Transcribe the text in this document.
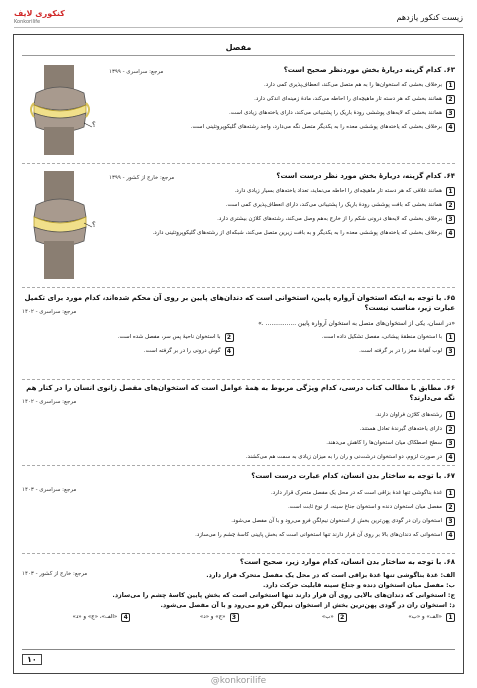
کنکوری لایف
Konkorilife	زیست کنکور یازدهم
مفصل
؟
مرجع: سراسری - ۱۳۹۹	۶۳. کدام گزینه دربارۀ بخش موردنظر صحیح است؟
1
برخلاف بخشی که استخوان‌ها را به هم متصل می‌کند، انعطاف‌پذیری کمی دارد.
2
همانند بخشی که هر دسته تار ماهیچه‌ای را احاطه می‌کند، مادۀ زمینه‌ای اندکی دارد.
3
همانند بخشی که لایه‌های پوششی رودۀ باریک را پشتیبانی می‌کند، دارای یاخته‌های زیادی است.
4
برخلاف بخشی که یاخته‌های پوششی معده را به یکدیگر متصل نگه می‌دارد، واجد رشته‌های گلیکوپروتئینی است.
؟
مرجع: خارج از کشور - ۱۳۹۹	۶۴. کدام گزینه، دربارۀ بخش مورد نظر درست است؟
1
همانند غلافی که هر دسته تار ماهیچه‌ای را احاطه می‌نماید، تعداد یاخته‌های بسیار زیادی دارد.
2
همانند بخشی که بافت پوششی رودۀ باریک را پشتیبانی می‌کند، دارای انعطاف‌پذیری کمی است.
3
برخلاف بخشی که لایه‌های درونی شکم را از خارج به‌هم وصل می‌کند، رشته‌های کلاژن بیشتری دارد.
4
برخلاف بخشی که یاخته‌های پوششی معده را به یکدیگر و به بافت زیرین متصل می‌کند، شبکه‌ای از رشته‌های گلیکوپروتئینی دارد.
۶۵. با توجه به اینکه استخوان آرواره پایین، استخوانی است که دندان‌های پایین بر روی آن محکم شده‌اند، کدام مورد برای تکمیل عبارت زیر، مناسب نیست؟
«در انسان، یکی از استخوان‌های متصل به استخوان آرواره پایین ................ .»
1
با استخوان منطقهٔ پیشانی، مفصل تشکیل داده است.
2
با استخوان ناحیهٔ پس سر، مفصل شده است.
3
لوب آهیانهٔ مغز را در بر گرفته است.
4
گوش درونی را در بر گرفته است.
مرجع: سراسری - ۱۴۰۲
۶۶. مطابق با مطالب کتاب درسی، کدام ویژگی مربوط به همهٔ عوامل است که استخوان‌های مفصل زانوی انسان را در کنار هم نگه می‌دارند؟
1
رشته‌های کلاژن فراوان دارند.
2
دارای یاخته‌های گیرندهٔ تعادل هستند.
3
سطح اصطکاک میان استخوان‌ها را کاهش می‌دهند.
4
در صورت لزوم، دو استخوان درشت‌نی و ران را به میزان زیادی به سمت هم می‌کشند.
مرجع: سراسری - ۱۴۰۲
۶۷. با توجه به ساختار بدن انسان، کدام عبارت درست است؟
1
غدهٔ بناگوشی تنها غدهٔ بزاقی است که در محل یک مفصل متحرک قرار دارد.
2
مفصل میان استخوان دنده و استخوان جناغ سینه، از نوع ثابت است.
3
استخوان ران در گودی پهن‌ترین بخش از استخوان نیم‌لگن فرو می‌رود و با آن مفصل می‌شود.
4
استخوانی که دندان‌های بالا بر روی آن قرار دارند تنها استخوانی است که بخش پایینی کاسهٔ چشم را می‌سازد.
مرجع: سراسری - ۱۴۰۳
۶۸. با توجه به ساختار بدن انسان، کدام موارد زیر، صحیح است؟
الف: غدهٔ بناگوشی تنها غدهٔ بزاقی است که در محل یک مفصل متحرک قرار دارد.
ب: مفصل میان استخوان دنده و جناغ سینه قابلیت حرکت دارد.
ج: استخوانی که دندان‌های بالایی روی آن قرار دارند تنها استخوانی است که بخش پایین کاسهٔ چشم را می‌سازد.
د: استخوان ران در گودی پهن‌ترین بخش از استخوان نیم‌لگن فرو می‌رود و با آن مفصل می‌شود.
1
«الف» و «ب»
2
«ب»
3
«ج» و «د»
4
«الف»، «ج» و «د»
مرجع: خارج از کشور - ۱۴۰۳
۱۰
@konkorilife
